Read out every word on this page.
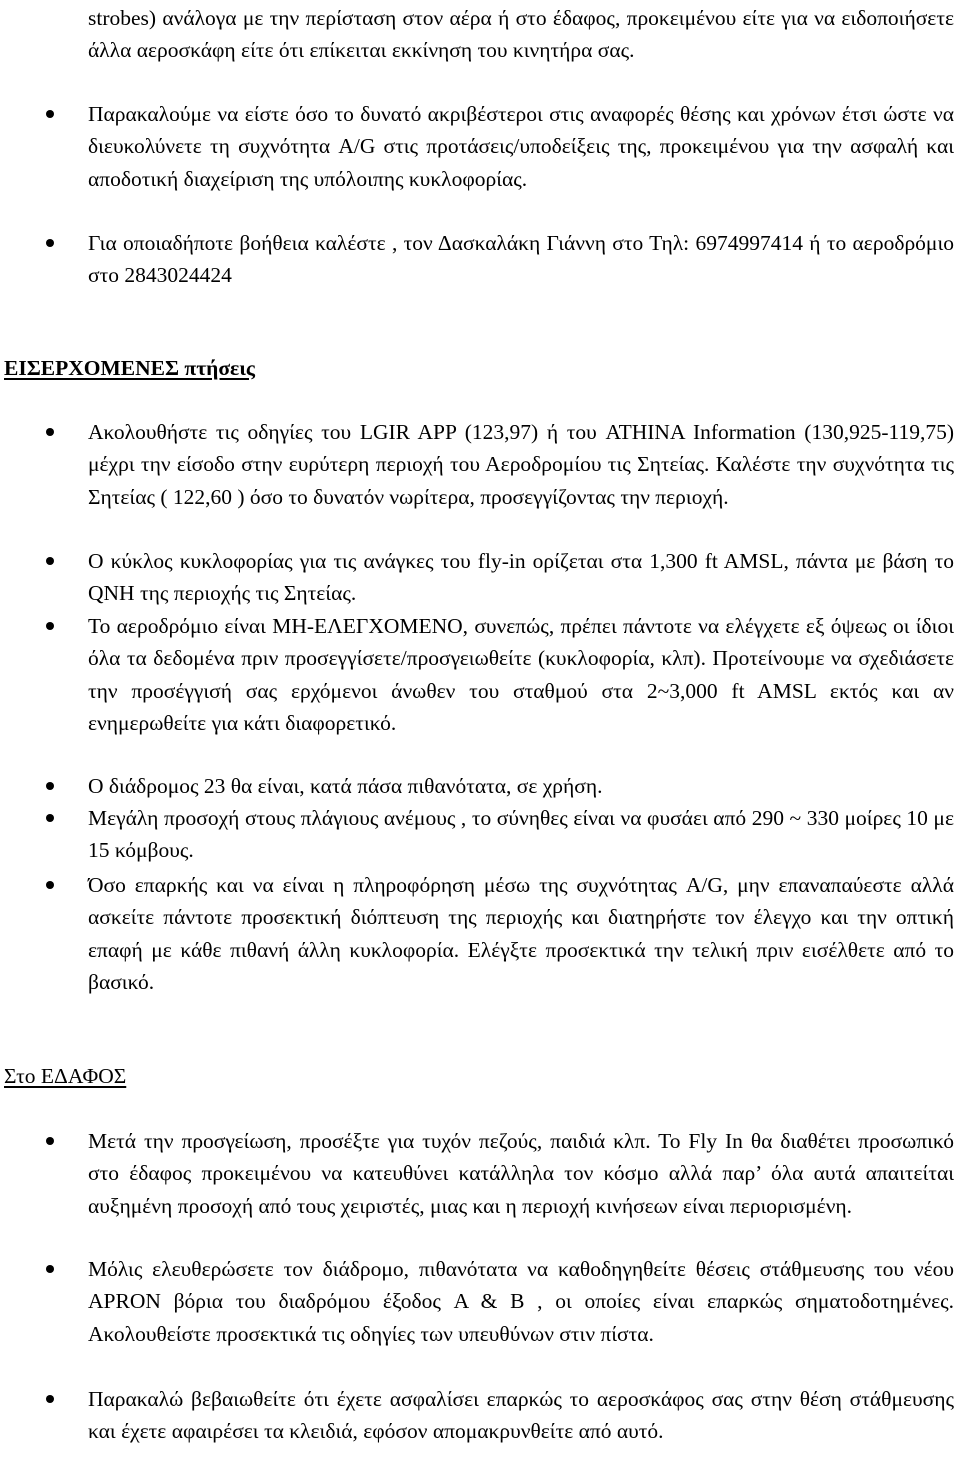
strobes) ανάλογα με την περίσταση στον αέρα ή στο έδαφος, προκειμένου είτε για να ειδοποιήσετε άλλα αεροσκάφη είτε ότι επίκειται εκκίνηση του κινητήρα σας.
Παρακαλούμε να είστε όσο το δυνατό ακριβέστεροι στις αναφορές θέσης και χρόνων έτσι ώστε να διευκολύνετε τη συχνότητα A/G στις προτάσεις/υποδείξεις της, προκειμένου για την ασφαλή και αποδοτική διαχείριση της υπόλοιπης κυκλοφορίας.
Για οποιαδήποτε βοήθεια καλέστε , τον Δασκαλάκη Γιάννη στο Τηλ: 6974997414 ή το αεροδρόμιο στο 2843024424
ΕΙΣΕΡΧΟΜΕΝΕΣ πτήσεις
Ακολουθήστε τις οδηγίες του LGIR APP (123,97) ή του ATHINA Information (130,925-119,75) μέχρι την είσοδο στην ευρύτερη περιοχή του Αεροδρομίου τις Σητείας. Καλέστε την συχνότητα τις Σητείας ( 122,60 ) όσο το δυνατόν νωρίτερα, προσεγγίζοντας την περιοχή.
Ο κύκλος κυκλοφορίας για τις ανάγκες του fly-in ορίζεται στα 1,300 ft AMSL, πάντα με βάση το QNH της περιοχής τις Σητείας.
Το αεροδρόμιο είναι ΜΗ-ΕΛΕΓΧΟΜΕΝΟ, συνεπώς, πρέπει πάντοτε να ελέγχετε εξ όψεως οι ίδιοι όλα τα δεδομένα πριν προσεγγίσετε/προσγειωθείτε (κυκλοφορία, κλπ). Προτείνουμε να σχεδιάσετε την προσέγγισή σας ερχόμενοι άνωθεν του σταθμού στα 2~3,000 ft AMSL εκτός και αν ενημερωθείτε για κάτι διαφορετικό.
Ο διάδρομος 23 θα είναι, κατά πάσα πιθανότατα, σε χρήση.
Μεγάλη προσοχή στους πλάγιους ανέμους , το σύνηθες είναι να φυσάει από 290 ~ 330 μοίρες 10 με 15 κόμβους.
Όσο επαρκής και να είναι η πληροφόρηση μέσω της συχνότητας A/G, μην επαναπαύεστε αλλά ασκείτε πάντοτε προσεκτική διόπτευση της περιοχής και διατηρήστε τον έλεγχο και την οπτική επαφή με κάθε πιθανή άλλη κυκλοφορία. Ελέγξτε προσεκτικά την τελική πριν εισέλθετε από το βασικό.
Στο ΕΔΑΦΟΣ
Μετά την προσγείωση, προσέξτε για τυχόν πεζούς, παιδιά κλπ. Το Fly In θα διαθέτει προσωπικό στο έδαφος προκειμένου να κατευθύνει κατάλληλα τον κόσμο αλλά παρ’ όλα αυτά απαιτείται αυξημένη προσοχή από τους χειριστές, μιας και η περιοχή κινήσεων είναι περιορισμένη.
Μόλις ελευθερώσετε τον διάδρομο, πιθανότατα να καθοδηγηθείτε θέσεις στάθμευσης του νέου APRON βόρια του διαδρόμου έξοδος A & B , οι οποίες είναι επαρκώς σηματοδοτημένες. Ακολουθείστε προσεκτικά τις οδηγίες των υπευθύνων στιν πίστα.
Παρακαλώ βεβαιωθείτε ότι έχετε ασφαλίσει επαρκώς το αεροσκάφος σας στην θέση στάθμευσης και έχετε αφαιρέσει τα κλειδιά, εφόσον απομακρυνθείτε από αυτό.
